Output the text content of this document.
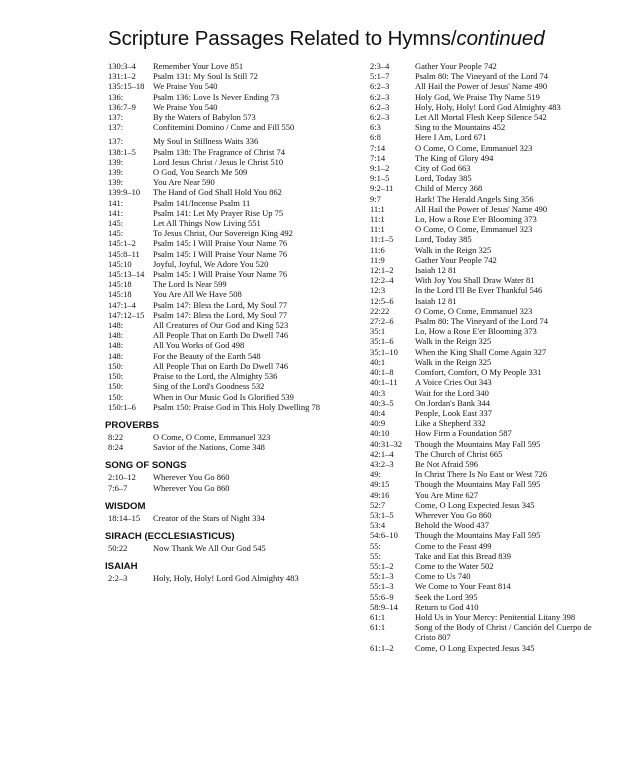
Scripture Passages Related to Hymns/continued
130:3–4	Remember Your Love 851
131:1–2	Psalm 131: My Soul Is Still 72
135:15–18	We Praise You 540
136:	Psalm 136: Love Is Never Ending 73
136:7–9	We Praise You 540
137:	By the Waters of Babylon 573
137:	Confitemini Domino / Come and Fill 550
137:	My Soul in Stillness Waits 336
138:1–5	Psalm 138: The Fragrance of Christ 74
139:	Lord Jesus Christ / Jesus le Christ 510
139:	O God, You Search Me 509
139:	You Are Near 590
139:9–10	The Hand of God Shall Hold You 862
141:	Psalm 141/Incense Psalm 11
141:	Psalm 141: Let My Prayer Rise Up 75
145:	Let All Things Now Living 551
145:	To Jesus Christ, Our Sovereign King 492
145:1–2	Psalm 145: I Will Praise Your Name 76
145:8–11	Psalm 145: I Will Praise Your Name 76
145:10	Joyful, Joyful, We Adore You 520
145:13–14	Psalm 145: I Will Praise Your Name 76
145:18	The Lord Is Near 599
145:18	You Are All We Have 508
147:1–4	Psalm 147: Bless the Lord, My Soul 77
147:12–15	Psalm 147: Bless the Lord, My Soul 77
148:	All Creatures of Our God and King 523
148:	All People That on Earth Do Dwell 746
148:	All You Works of God 498
148:	For the Beauty of the Earth 548
150:	All People That on Earth Do Dwell 746
150:	Praise to the Lord, the Almighty 536
150:	Sing of the Lord's Goodness 532
150:	When in Our Music God Is Glorified 539
150:1–6	Psalm 150: Praise God in This Holy Dwelling 78
PROVERBS
8:22	O Come, O Come, Emmanuel 323
8:24	Savior of the Nations, Come 348
SONG OF SONGS
2:10–12	Wherever You Go 860
7:6–7	Wherever You Go 860
WISDOM
18:14–15	Creator of the Stars of Night 334
SIRACH (ECCLESIASTICUS)
50:22	Now Thank We All Our God 545
ISAIAH
2:2–3	Holy, Holy, Holy! Lord God Almighty 483
2:3–4	Gather Your People 742
5:1–7	Psalm 80: The Vineyard of the Lord 74
6:2–3	All Hail the Power of Jesus' Name 490
6:2–3	Holy God, We Praise Thy Name 519
6:2–3	Holy, Holy, Holy! Lord God Almighty 483
6:2–3	Let All Mortal Flesh Keep Silence 542
6:3	Sing to the Mountains 452
6:8	Here I Am, Lord 671
7:14	O Come, O Come, Emmanuel 323
7:14	The King of Glory 494
9:1–2	City of God 663
9:1–5	Lord, Today 385
9:2–11	Child of Mercy 368
9:7	Hark! The Herald Angels Sing 356
11:1	All Hail the Power of Jesus' Name 490
11:1	Lo, How a Rose E'er Blooming 373
11:1	O Come, O Come, Emmanuel 323
11:1–5	Lord, Today 385
11:6	Walk in the Reign 325
11:9	Gather Your People 742
12:1–2	Isaiah 12 81
12:2–4	With Joy You Shall Draw Water 81
12:3	In the Lord I'll Be Ever Thankful 546
12:5–6	Isaiah 12 81
22:22	O Come, O Come, Emmanuel 323
27:2–6	Psalm 80: The Vineyard of the Lord 74
35:1	Lo, How a Rose E'er Blooming 373
35:1–6	Walk in the Reign 325
35:1–10	When the King Shall Come Again 327
40:1	Walk in the Reign 325
40:1–8	Comfort, Comfort, O My People 331
40:1–11	A Voice Cries Out 343
40:3	Wait for the Lord 340
40:3–5	On Jordan's Bank 344
40:4	People, Look East 337
40:9	Like a Shepherd 332
40:10	How Firm a Foundation 587
40:31–32	Though the Mountains May Fall 595
42:1–4	The Church of Christ 665
43:2–3	Be Not Afraid 596
49:	In Christ There Is No East or West 726
49:15	Though the Mountains May Fall 595
49:16	You Are Mine 627
52:7	Come, O Long Expected Jesus 345
53:1–5	Wherever You Go 860
53:4	Behold the Wood 437
54:6–10	Though the Mountains May Fall 595
55:	Come to the Feast 499
55:	Take and Eat this Bread 839
55:1–2	Come to the Water 502
55:1–3	Come to Us 740
55:1–3	We Come to Your Feast 814
55:6–9	Seek the Lord 395
58:9–14	Return to God 410
61:1	Hold Us in Your Mercy: Penitential Litany 398
61:1	Song of the Body of Christ / Canción del Cuerpo de Cristo 807
61:1–2	Come, O Long Expected Jesus 345
